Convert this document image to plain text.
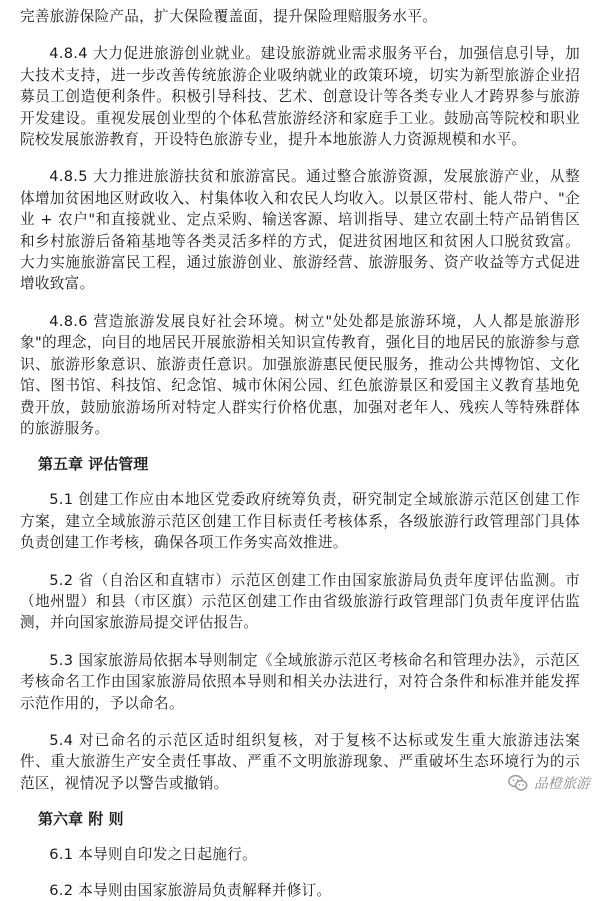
完善旅游保险产品，扩大保险覆盖面，提升保险理赔服务水平。

4.8.4 大力促进旅游创业就业。建设旅游就业需求服务平台，加强信息引导，加大技术支持，进一步改善传统旅游企业吸纳就业的政策环境，切实为新型旅游企业招募员工创造便利条件。积极引导科技、艺术、创意设计等各类专业人才跨界参与旅游开发建设。重视发展创业型的个体私营旅游经济和家庭手工业。鼓励高等院校和职业院校发展旅游教育，开设特色旅游专业，提升本地旅游人力资源规模和水平。

4.8.5 大力推进旅游扶贫和旅游富民。通过整合旅游资源，发展旅游产业，从整体增加贫困地区财政收入、村集体收入和农民人均收入。以景区带村、能人带户、"企业 + 农户"和直接就业、定点采购、输送客源、培训指导、建立农副土特产品销售区和乡村旅游后备箱基地等各类灵活多样的方式，促进贫困地区和贫困人口脱贫致富。大力实施旅游富民工程，通过旅游创业、旅游经营、旅游服务、资产收益等方式促进增收致富。

4.8.6 营造旅游发展良好社会环境。树立"处处都是旅游环境，人人都是旅游形象"的理念，向目的地居民开展旅游相关知识宣传教育，强化目的地居民的旅游参与意识、旅游形象意识、旅游责任意识。加强旅游惠民便民服务，推动公共博物馆、文化馆、图书馆、科技馆、纪念馆、城市休闲公园、红色旅游景区和爱国主义教育基地免费开放，鼓励旅游场所对特定人群实行价格优惠，加强对老年人、残疾人等特殊群体的旅游服务。

第五章 评估管理

5.1 创建工作应由本地区党委政府统筹负责，研究制定全域旅游示范区创建工作方案，建立全域旅游示范区创建工作目标责任考核体系，各级旅游行政管理部门具体负责创建工作考核，确保各项工作务实高效推进。

5.2 省（自治区和直辖市）示范区创建工作由国家旅游局负责年度评估监测。市（地州盟）和县（市区旗）示范区创建工作由省级旅游行政管理部门负责年度评估监测，并向国家旅游局提交评估报告。

5.3 国家旅游局依据本导则制定《全域旅游示范区考核命名和管理办法》，示范区考核命名工作由国家旅游局依照本导则和相关办法进行，对符合条件和标准并能发挥示范作用的，予以命名。

5.4 对已命名的示范区适时组织复核，对于复核不达标或发生重大旅游违法案件、重大旅游生产安全责任事故、严重不文明旅游现象、严重破坏生态环境行为的示范区，视情况予以警告或撤销。

第六章 附 则

6.1 本导则自印发之日起施行。

6.2 本导则由国家旅游局负责解释并修订。

品橙旅游
